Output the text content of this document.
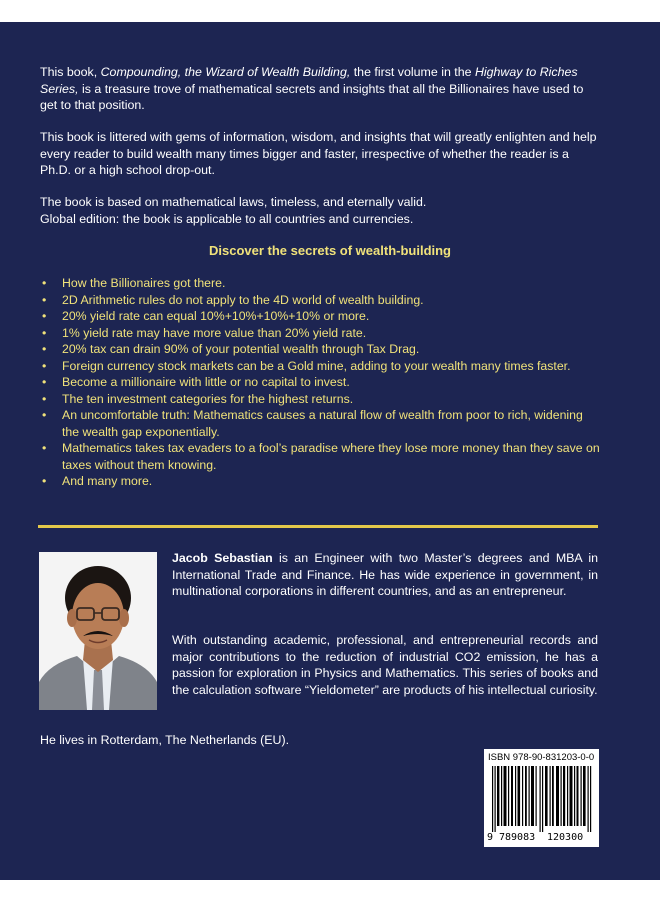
This book, Compounding, the Wizard of Wealth Building, the first volume in the Highway to Riches Series, is a treasure trove of mathematical secrets and insights that all the Billionaires have used to get to that position.

This book is littered with gems of information, wisdom, and insights that will greatly enlighten and help every reader to build wealth many times bigger and faster, irrespective of whether the reader is a Ph.D. or a high school drop-out.

The book is based on mathematical laws, timeless, and eternally valid.

Global edition: the book is applicable to all countries and currencies.

Discover the secrets of wealth-building
• How the Billionaires got there.
• 2D Arithmetic rules do not apply to the 4D world of wealth building.
• 20% yield rate can equal 10%+10%+10%+10% or more.
• 1% yield rate may have more value than 20% yield rate.
• 20% tax can drain 90% of your potential wealth through Tax Drag.
• Foreign currency stock markets can be a Gold mine, adding to your wealth many times faster.
• Become a millionaire with little or no capital to invest.
• The ten investment categories for the highest returns.
• An uncomfortable truth: Mathematics causes a natural flow of wealth from poor to rich, widening the wealth gap exponentially.
• Mathematics takes tax evaders to a fool’s paradise where they lose more money than they save on taxes without them knowing.
• And many more.

Jacob Sebastian is an Engineer with two Master’s degrees and MBA in International Trade and Finance. He has wide experience in government, in multinational corporations in different countries, and as an entrepreneur.

With outstanding academic, professional, and entrepreneurial records and major contributions to the reduction of industrial CO2 emission, he has a passion for exploration in Physics and Mathematics. This series of books and the calculation software “Yieldometer” are products of his intellectual curiosity.

He lives in Rotterdam, The Netherlands (EU).

ISBN 978-90-831203-0-0
9 789083 120300
